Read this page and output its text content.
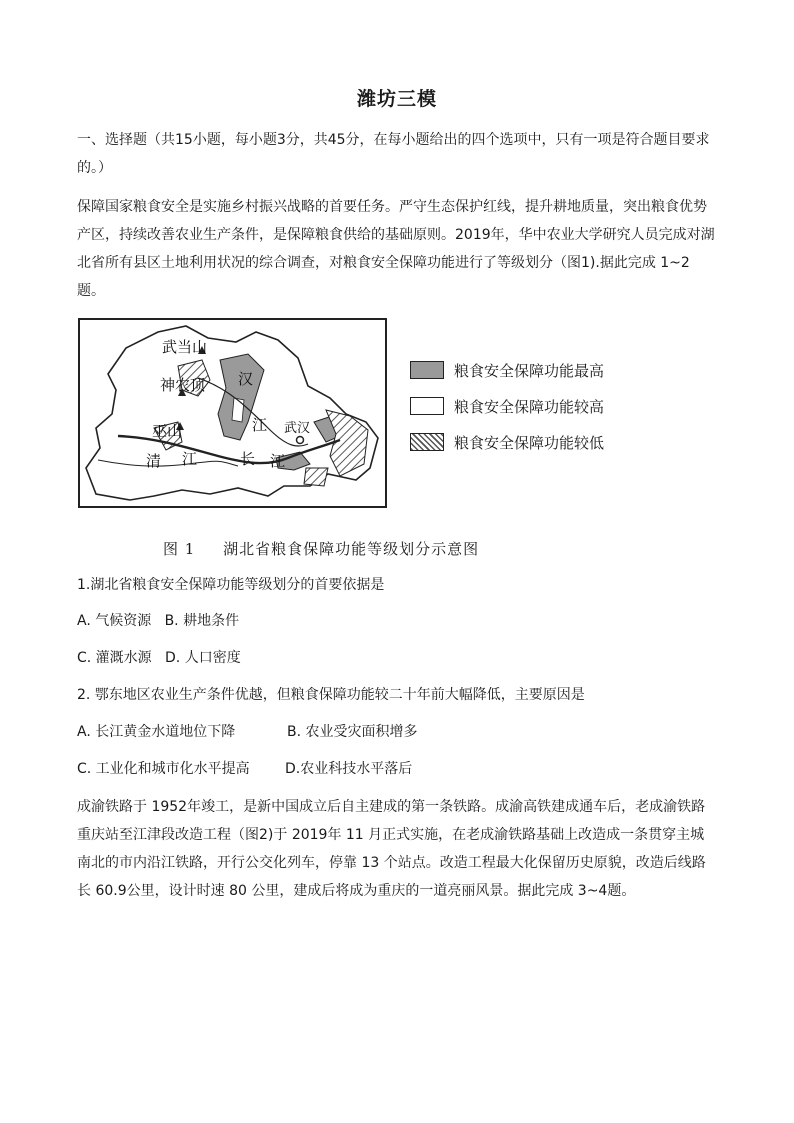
潍坊三模

一、选择题（共15小题，每小题3分，共45分，在每小题给出的四个选项中，只有一项是符合题目要求的。）

保障国家粮食安全是实施乡村振兴战略的首要任务。严守生态保护红线，提升耕地质量，突出粮食优势产区，持续改善农业生产条件，是保障粮食供给的基础原则。2019年，华中农业大学研究人员完成对湖北省所有县区土地利用状况的综合调查，对粮食安全保障功能进行了等级划分（图1).据此完成 1~2题。

武当山
神农顶 汉
江 武汉
巫山
清 江	长 江
粮食安全保障功能最高
粮食安全保障功能较高
粮食安全保障功能较低
图 1 湖北省粮食保障功能等级划分示意图
1.湖北省粮食安全保障功能等级划分的首要依据是
A. 气候资源   B. 耕地条件
C. 灌溉水源   D. 人口密度
2. 鄂东地区农业生产条件优越，但粮食保障功能较二十年前大幅降低，主要原因是
A. 长江黄金水道地位下降	B. 农业受灾面积增多
C. 工业化和城市化水平提高	D.农业科技水平落后

成渝铁路于 1952年竣工，是新中国成立后自主建成的第一条铁路。成渝高铁建成通车后，老成渝铁路重庆站至江津段改造工程（图2)于 2019年 11 月正式实施，在老成渝铁路基础上改造成一条贯穿主城南北的市内沿江铁路，开行公交化列车，停靠 13 个站点。改造工程最大化保留历史原貌，改造后线路长 60.9公里，设计时速 80 公里，建成后将成为重庆的一道亮丽风景。据此完成 3~4题。
